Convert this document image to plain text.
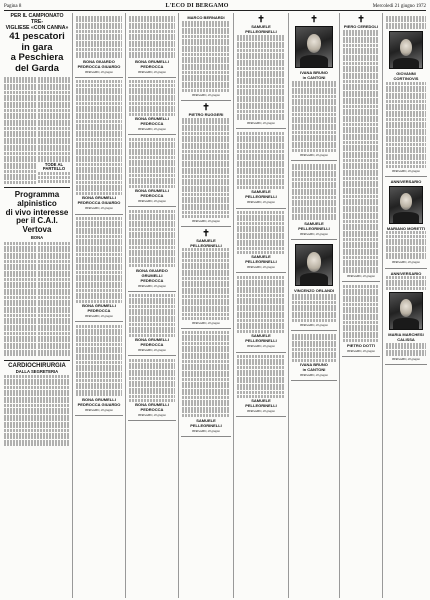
Pagina 8	L'ECO DI BERGAMO	Mercoledì 21 giugno 1972
PER IL CAMPIONATO TRE-
VIGLIESE «CON CANNA»
41 pescatori in gara
a Peschiera del Garda
TODE AL PARTELLO
Programma alpinistico
di vivo interesse
per il C.A.I. Vertova
BONA
CARDIOCHIRURGIA
DALLA SEGRETERIA
BONA GIUARDO
PEDROCCA GIUARDO
BERGAMO, 20 giugno
BONA GRUMELLI
PEDROCCA GIUARDO
BERGAMO, 20 giugno
BONA GRUMELLI
PEDROCCA
BERGAMO, 20 giugno
BONA GRUMELLI
PEDROCCA GIUARDO
BERGAMO, 20 giugno
BONA GRUMELLI
PEDROCCA
BERGAMO, 20 giugno
BONA GRUMELLI
PEDROCCA
BERGAMO, 20 giugno
BONA GRUMELLI
PEDROCCA
BERGAMO, 20 giugno
BONA GIUARDO
GRUMELLI
PEDROCCA
BERGAMO, 20 giugno
BONA GRUMELLI
PEDROCCA
BERGAMO, 20 giugno
BONA GRUMELLI
PEDROCCA
BERGAMO, 20 giugno
MARCO BERNARDI
BERGAMO, 20 giugno
✝
PIETRO RUGGERI
BERGAMO, 20 giugno
✝
SAMUELE
PELLEGRINELLI
BERGAMO, 20 giugno
SAMUELE
PELLEGRINELLI
BERGAMO, 20 giugno
✝
SAMUELE
PELLEGRINELLI
BERGAMO, 20 giugno
SAMUELE
PELLEGRINELLI
BERGAMO, 20 giugno
SAMUELE
PELLEGRINELLI
BERGAMO, 20 giugno
SAMUELE
PELLEGRINELLI
BERGAMO, 20 giugno
SAMUELE
PELLEGRINELLI
BERGAMO, 20 giugno
✝
IVANA BRUNO
in CANTONI
BERGAMO, 20 giugno
SAMUELE
PELLEGRINELLI
BERGAMO, 20 giugno
VINCENZO ORLANDI
BERGAMO, 20 giugno
IVANA BRUNO
in CANTONI
BERGAMO, 20 giugno
✝
PIERO CEREDOLI
BERGAMO, 20 giugno
PIETRO DOTTI
BERGAMO, 20 giugno
GIOVANNI
CORTINOVIS
BERGAMO, 20 giugno
ANNIVERSARIO
MARIANO MORETTI
BERGAMO, 20 giugno
ANNIVERSARIO
MARIA MARCHESI
CALISSA
BERGAMO, 20 giugno
